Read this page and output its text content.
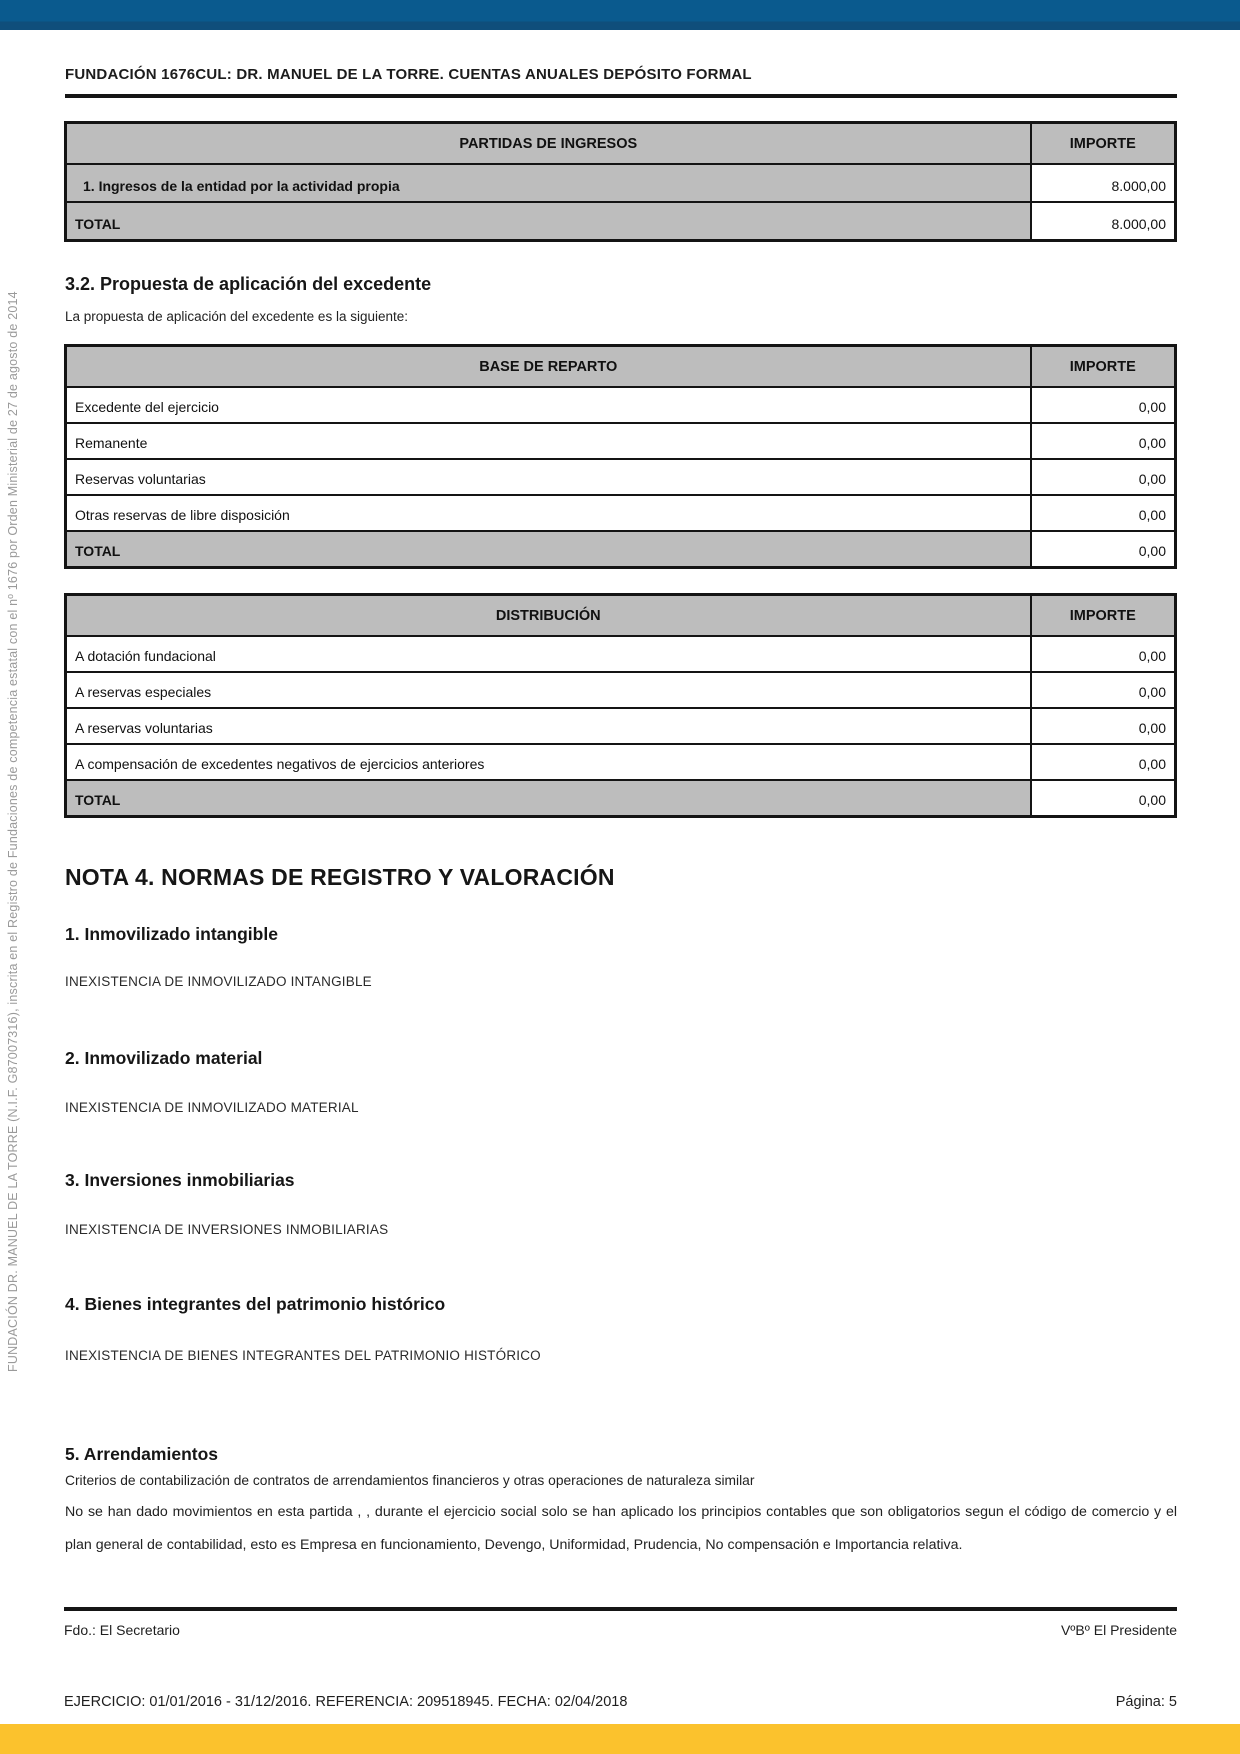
FUNDACIÓN DR. MANUEL DE LA TORRE (N.I.F. G87007316), inscrita en el Registro de Fundaciones de competencia estatal con el nº 1676 por Orden Ministerial de 27 de agosto de 2014
FUNDACIÓN 1676CUL: DR. MANUEL DE LA TORRE. CUENTAS ANUALES DEPÓSITO FORMAL
PARTIDAS DE INGRESOS	IMPORTE
1. Ingresos de la entidad por la actividad propia	8.000,00
TOTAL	8.000,00
3.2. Propuesta de aplicación del excedente
La propuesta de aplicación del excedente es la siguiente:
BASE DE REPARTO	IMPORTE
Excedente del ejercicio	0,00
Remanente	0,00
Reservas voluntarias	0,00
Otras reservas de libre disposición	0,00
TOTAL	0,00
DISTRIBUCIÓN	IMPORTE
A dotación fundacional	0,00
A reservas especiales	0,00
A reservas voluntarias	0,00
A compensación de excedentes negativos de ejercicios anteriores	0,00
TOTAL	0,00
NOTA 4. NORMAS DE REGISTRO Y VALORACIÓN
1. Inmovilizado intangible
INEXISTENCIA DE INMOVILIZADO INTANGIBLE
2. Inmovilizado material
INEXISTENCIA DE INMOVILIZADO MATERIAL
3. Inversiones inmobiliarias
INEXISTENCIA DE INVERSIONES INMOBILIARIAS
4. Bienes integrantes del patrimonio histórico
INEXISTENCIA DE BIENES INTEGRANTES DEL PATRIMONIO HISTÓRICO
5. Arrendamientos
Criterios de contabilización de contratos de arrendamientos financieros y otras operaciones de naturaleza similar
No se han dado movimientos en esta partida , , durante el ejercicio social solo se han aplicado los principios contables que son obligatorios segun el código de comercio y el plan general de contabilidad, esto es Empresa en funcionamiento, Devengo, Uniformidad, Prudencia, No compensación e Importancia relativa.
Fdo.: El Secretario	VºBº El Presidente
EJERCICIO: 01/01/2016 - 31/12/2016. REFERENCIA: 209518945. FECHA: 02/04/2018	Página: 5
